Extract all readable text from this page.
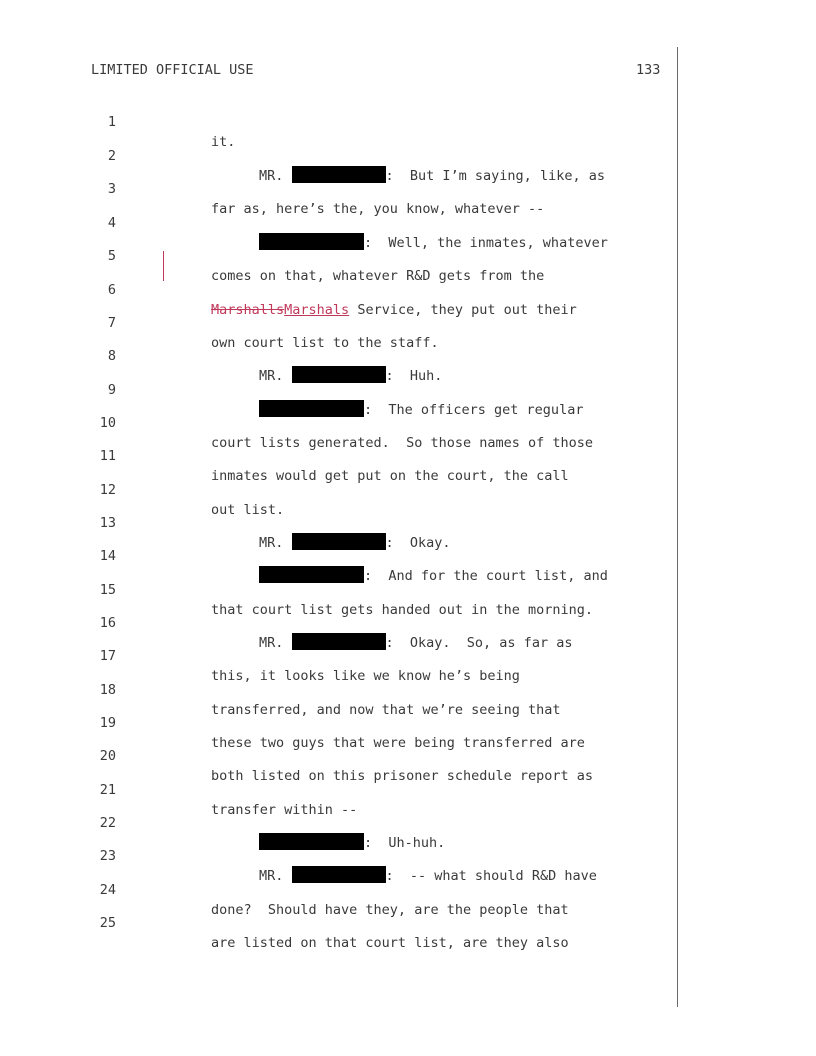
LIMITED OFFICIAL USE	133

1

it.

2

MR.	:  But I’m saying, like, as

3

far as, here’s the, you know, whatever --

4

:  Well, the inmates, whatever

5

comes on that, whatever R&D gets from the

6

MarshallsMarshals Service, they put out their

7

own court list to the staff.

8

MR.	:  Huh.

9

:  The officers get regular

10

court lists generated.  So those names of those

11

inmates would get put on the court, the call

12

out list.

13

MR.	:  Okay.

14

:  And for the court list, and

15

that court list gets handed out in the morning.

16

MR.	:  Okay.  So, as far as

17

this, it looks like we know he’s being

18

transferred, and now that we’re seeing that

19

these two guys that were being transferred are

20

both listed on this prisoner schedule report as

21

transfer within --

22

:  Uh-huh.

23

MR.	:  -- what should R&D have

24

done?  Should have they, are the people that

25

are listed on that court list, are they also
